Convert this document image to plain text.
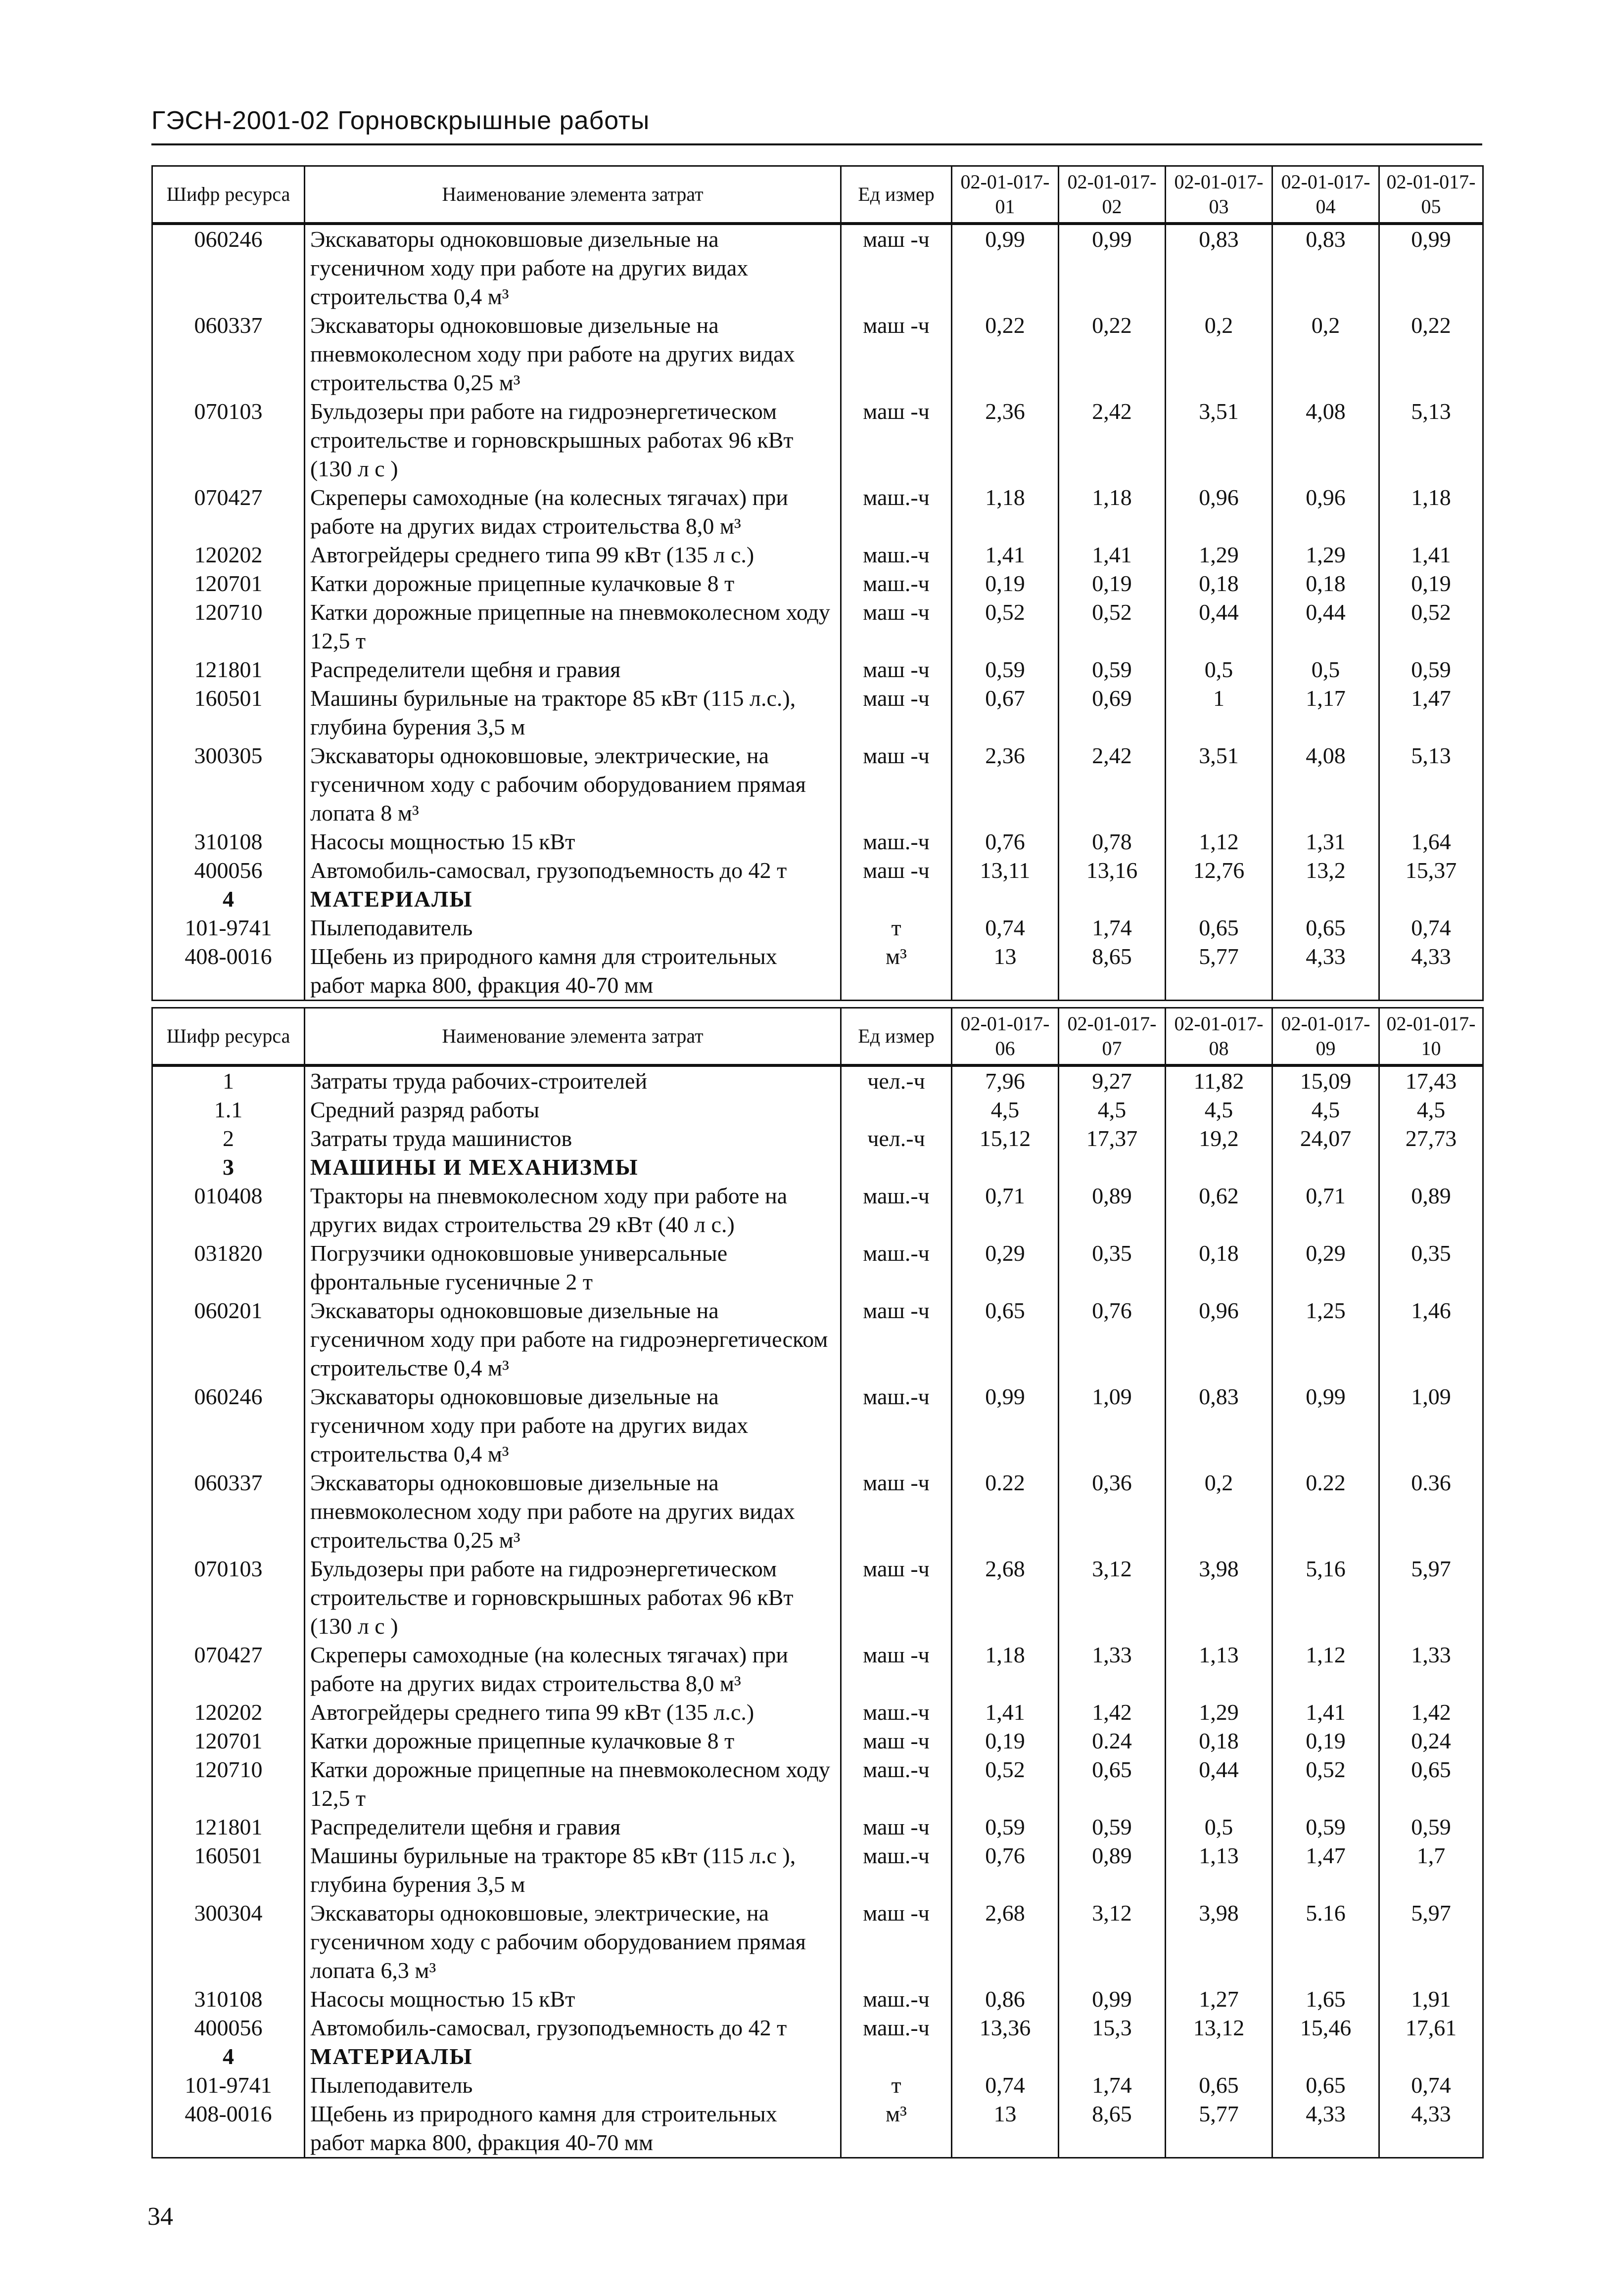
ГЭСН-2001-02 Горновскрышные работы
Шифр ресурса	Наименование элемента затрат	Ед измер	02-01-017-01	02-01-017-02	02-01-017-03	02-01-017-04	02-01-017-05
060246	Экскаваторы одноковшовые дизельные на гусеничном ходу при работе на других видах строительства 0,4 м³	маш -ч	0,99	0,99	0,83	0,83	0,99
060337	Экскаваторы одноковшовые дизельные на пневмоколесном ходу при работе на других видах строительства 0,25 м³	маш -ч	0,22	0,22	0,2	0,2	0,22
070103	Бульдозеры при работе на гидроэнергетическом строительстве и горновскрышных работах 96 кВт (130 л с )	маш -ч	2,36	2,42	3,51	4,08	5,13
070427	Скреперы самоходные (на колесных тягачах) при работе на других видах строительства 8,0 м³	маш.-ч	1,18	1,18	0,96	0,96	1,18
120202	Автогрейдеры среднего типа 99 кВт (135 л с.)	маш.-ч	1,41	1,41	1,29	1,29	1,41
120701	Катки дорожные прицепные кулачковые 8 т	маш.-ч	0,19	0,19	0,18	0,18	0,19
120710	Катки дорожные прицепные на пневмоколесном ходу 12,5 т	маш -ч	0,52	0,52	0,44	0,44	0,52
121801	Распределители щебня и гравия	маш -ч	0,59	0,59	0,5	0,5	0,59
160501	Машины бурильные на тракторе 85 кВт (115 л.с.), глубина бурения 3,5 м	маш -ч	0,67	0,69	1	1,17	1,47
300305	Экскаваторы одноковшовые, электрические, на гусеничном ходу с рабочим оборудованием прямая лопата 8 м³	маш -ч	2,36	2,42	3,51	4,08	5,13
310108	Насосы мощностью 15 кВт	маш.-ч	0,76	0,78	1,12	1,31	1,64
400056	Автомобиль-самосвал, грузоподъемность до 42 т	маш -ч	13,11	13,16	12,76	13,2	15,37
4	МАТЕРИАЛЫ						
101-9741	Пылеподавитель	т	0,74	1,74	0,65	0,65	0,74
408-0016	Щебень из природного камня для строительных работ марка 800, фракция 40-70 мм	м³	13	8,65	5,77	4,33	4,33
Шифр ресурса	Наименование элемента затрат	Ед измер	02-01-017-06	02-01-017-07	02-01-017-08	02-01-017-09	02-01-017-10
1	Затраты труда рабочих-строителей	чел.-ч	7,96	9,27	11,82	15,09	17,43
1.1	Средний разряд работы		4,5	4,5	4,5	4,5	4,5
2	Затраты труда машинистов	чел.-ч	15,12	17,37	19,2	24,07	27,73
3	МАШИНЫ И МЕХАНИЗМЫ						
010408	Тракторы на пневмоколесном ходу при работе на других видах строительства 29 кВт (40 л с.)	маш.-ч	0,71	0,89	0,62	0,71	0,89
031820	Погрузчики одноковшовые универсальные фронтальные гусеничные 2 т	маш.-ч	0,29	0,35	0,18	0,29	0,35
060201	Экскаваторы одноковшовые дизельные на гусеничном ходу при работе на гидроэнергетическом строительстве 0,4 м³	маш -ч	0,65	0,76	0,96	1,25	1,46
060246	Экскаваторы одноковшовые дизельные на гусеничном ходу при работе на других видах строительства 0,4 м³	маш.-ч	0,99	1,09	0,83	0,99	1,09
060337	Экскаваторы одноковшовые дизельные на пневмоколесном ходу при работе на других видах строительства 0,25 м³	маш -ч	0.22	0,36	0,2	0.22	0.36
070103	Бульдозеры при работе на гидроэнергетическом строительстве и горновскрышных работах 96 кВт (130 л с )	маш -ч	2,68	3,12	3,98	5,16	5,97
070427	Скреперы самоходные (на колесных тягачах) при работе на других видах строительства 8,0 м³	маш -ч	1,18	1,33	1,13	1,12	1,33
120202	Автогрейдеры среднего типа 99 кВт (135 л.с.)	маш.-ч	1,41	1,42	1,29	1,41	1,42
120701	Катки дорожные прицепные кулачковые 8 т	маш -ч	0,19	0.24	0,18	0,19	0,24
120710	Катки дорожные прицепные на пневмоколесном ходу 12,5 т	маш.-ч	0,52	0,65	0,44	0,52	0,65
121801	Распределители щебня и гравия	маш -ч	0,59	0,59	0,5	0,59	0,59
160501	Машины бурильные на тракторе 85 кВт (115 л.с ), глубина бурения 3,5 м	маш.-ч	0,76	0,89	1,13	1,47	1,7
300304	Экскаваторы одноковшовые, электрические, на гусеничном ходу с рабочим оборудованием прямая лопата 6,3 м³	маш -ч	2,68	3,12	3,98	5.16	5,97
310108	Насосы мощностью 15 кВт	маш.-ч	0,86	0,99	1,27	1,65	1,91
400056	Автомобиль-самосвал, грузоподъемность до 42 т	маш.-ч	13,36	15,3	13,12	15,46	17,61
4	МАТЕРИАЛЫ						
101-9741	Пылеподавитель	т	0,74	1,74	0,65	0,65	0,74
408-0016	Щебень из природного камня для строительных работ марка 800, фракция 40-70 мм	м³	13	8,65	5,77	4,33	4,33
34
